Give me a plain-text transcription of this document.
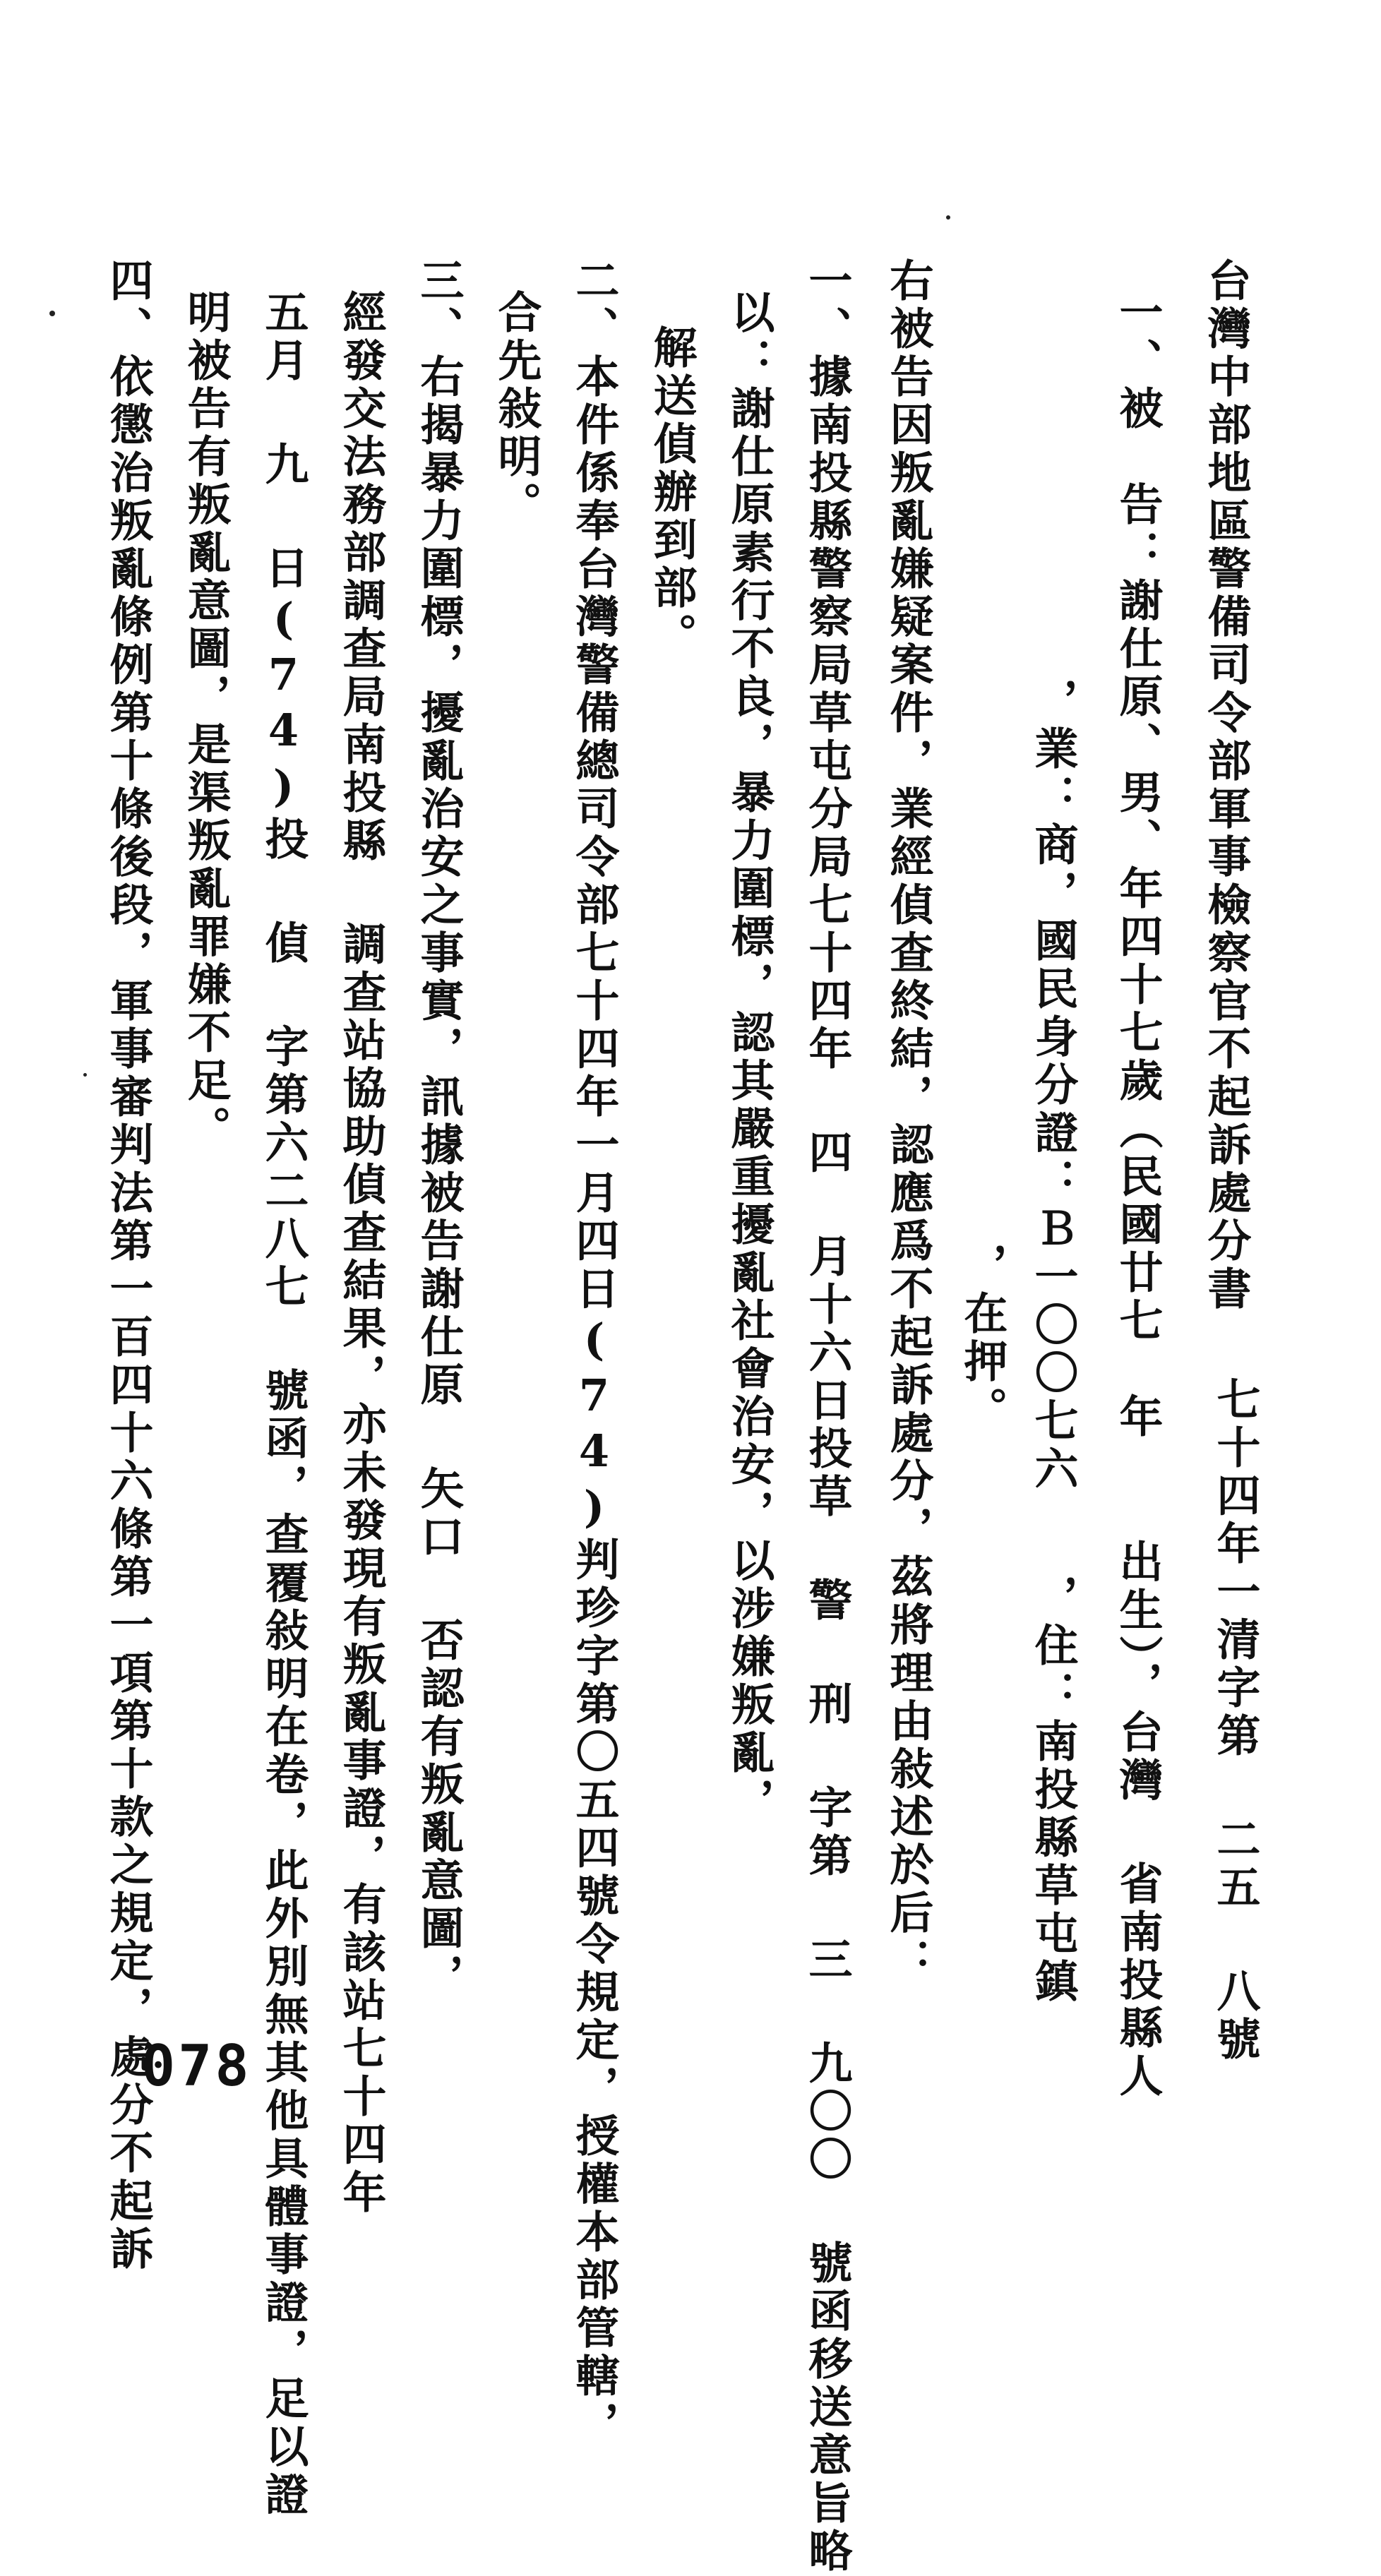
台灣中部地區警備司令部軍事檢察官不起訴處分書
七十四年一清字第 二五 八號
一、被　告：謝仕原、男、年四十七歲（民國廿七　年
出生），台灣 省南投縣人
，業：商，國民身分證：Ｂ一〇〇七六
，住：南投縣草屯鎮
，在押。
右被告因叛亂嫌疑案件，業經偵查終結，認應爲不起訴處分，茲將理由敍述於后：
一、據南投縣警察局草屯分局七十四年 四 月十六日投草 警 刑 字第 三 九〇〇 號函移送意旨略
以：謝仕原素行不良，暴力圍標，認其嚴重擾亂社會治安，以涉嫌叛亂，
解送偵辦到部。
二、本件係奉台灣警備總司令部七十四年一月四日(74)判珍字第〇五四號令規定，授權本部管轄，
合先敍明。
三、右揭暴力圍標，擾亂治安之事實，訊據被告謝仕原 矢口 否認有叛亂意圖，
經發交法務部調查局南投縣 調查站協助偵查結果，亦未發現有叛亂事證，有該站七十四年
五月 九 日(74)投 偵 字第六二八七 號函，查覆敍明在卷，此外別無其他具體事證，足以證
明被告有叛亂意圖，是渠叛亂罪嫌不足。
四、依懲治叛亂條例第十條後段，軍事審判法第一百四十六條第一項第十款之規定，處分不起訴
078
